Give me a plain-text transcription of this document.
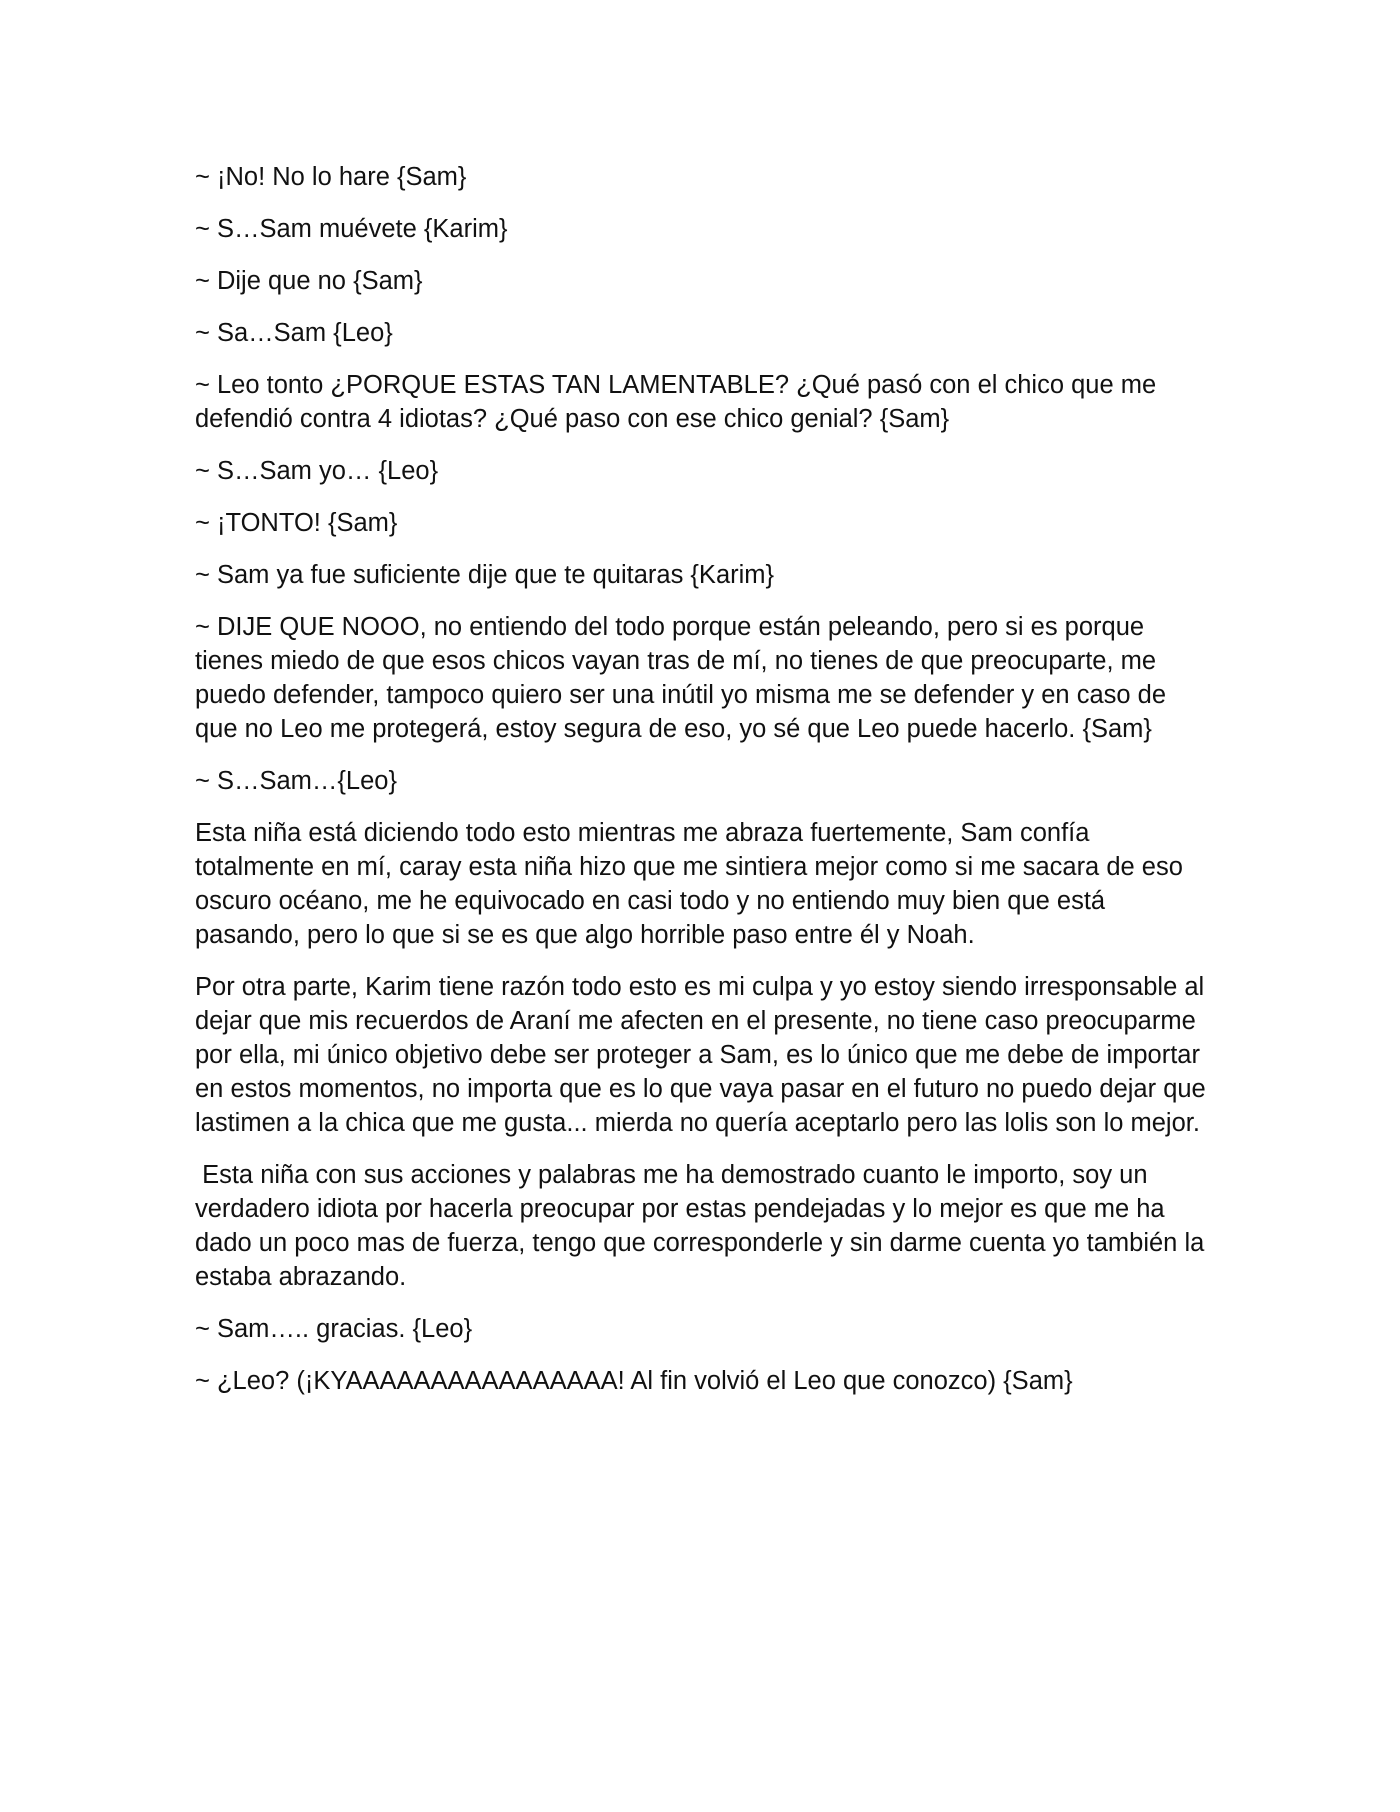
~ ¡No! No lo hare {Sam}

~ S…Sam muévete {Karim}

~ Dije que no {Sam}

~ Sa…Sam {Leo}

~ Leo tonto ¿PORQUE ESTAS TAN LAMENTABLE? ¿Qué pasó con el chico que me defendió contra 4 idiotas? ¿Qué paso con ese chico genial? {Sam}

~ S…Sam yo… {Leo}

~ ¡TONTO! {Sam}

~ Sam ya fue suficiente dije que te quitaras {Karim}

~ DIJE QUE NOOO, no entiendo del todo porque están peleando, pero si es porque tienes miedo de que esos chicos vayan tras de mí, no tienes de que preocuparte, me puedo defender, tampoco quiero ser una inútil yo misma me se defender y en caso de que no Leo me protegerá, estoy segura de eso, yo sé que Leo puede hacerlo. {Sam}

~ S…Sam…{Leo}

Esta niña está diciendo todo esto mientras me abraza fuertemente, Sam confía totalmente en mí, caray esta niña hizo que me sintiera mejor como si me sacara de eso oscuro océano, me he equivocado en casi todo y no entiendo muy bien que está pasando, pero lo que si se es que algo horrible paso entre él y Noah.

Por otra parte, Karim tiene razón todo esto es mi culpa y yo estoy siendo irresponsable al dejar que mis recuerdos de Araní me afecten en el presente, no tiene caso preocuparme por ella, mi único objetivo debe ser proteger a Sam, es lo único que me debe de importar en estos momentos, no importa que es lo que vaya pasar en el futuro no puedo dejar que lastimen a la chica que me gusta... mierda no quería aceptarlo pero las lolis son lo mejor.

Esta niña con sus acciones y palabras me ha demostrado cuanto le importo, soy un verdadero idiota por hacerla preocupar por estas pendejadas y lo mejor es que me ha dado un poco mas de fuerza, tengo que corresponderle y sin darme cuenta yo también la estaba abrazando.

~ Sam….. gracias. {Leo}

~ ¿Leo? (¡KYAAAAAAAAAAAAAAAA! Al fin volvió el Leo que conozco) {Sam}
